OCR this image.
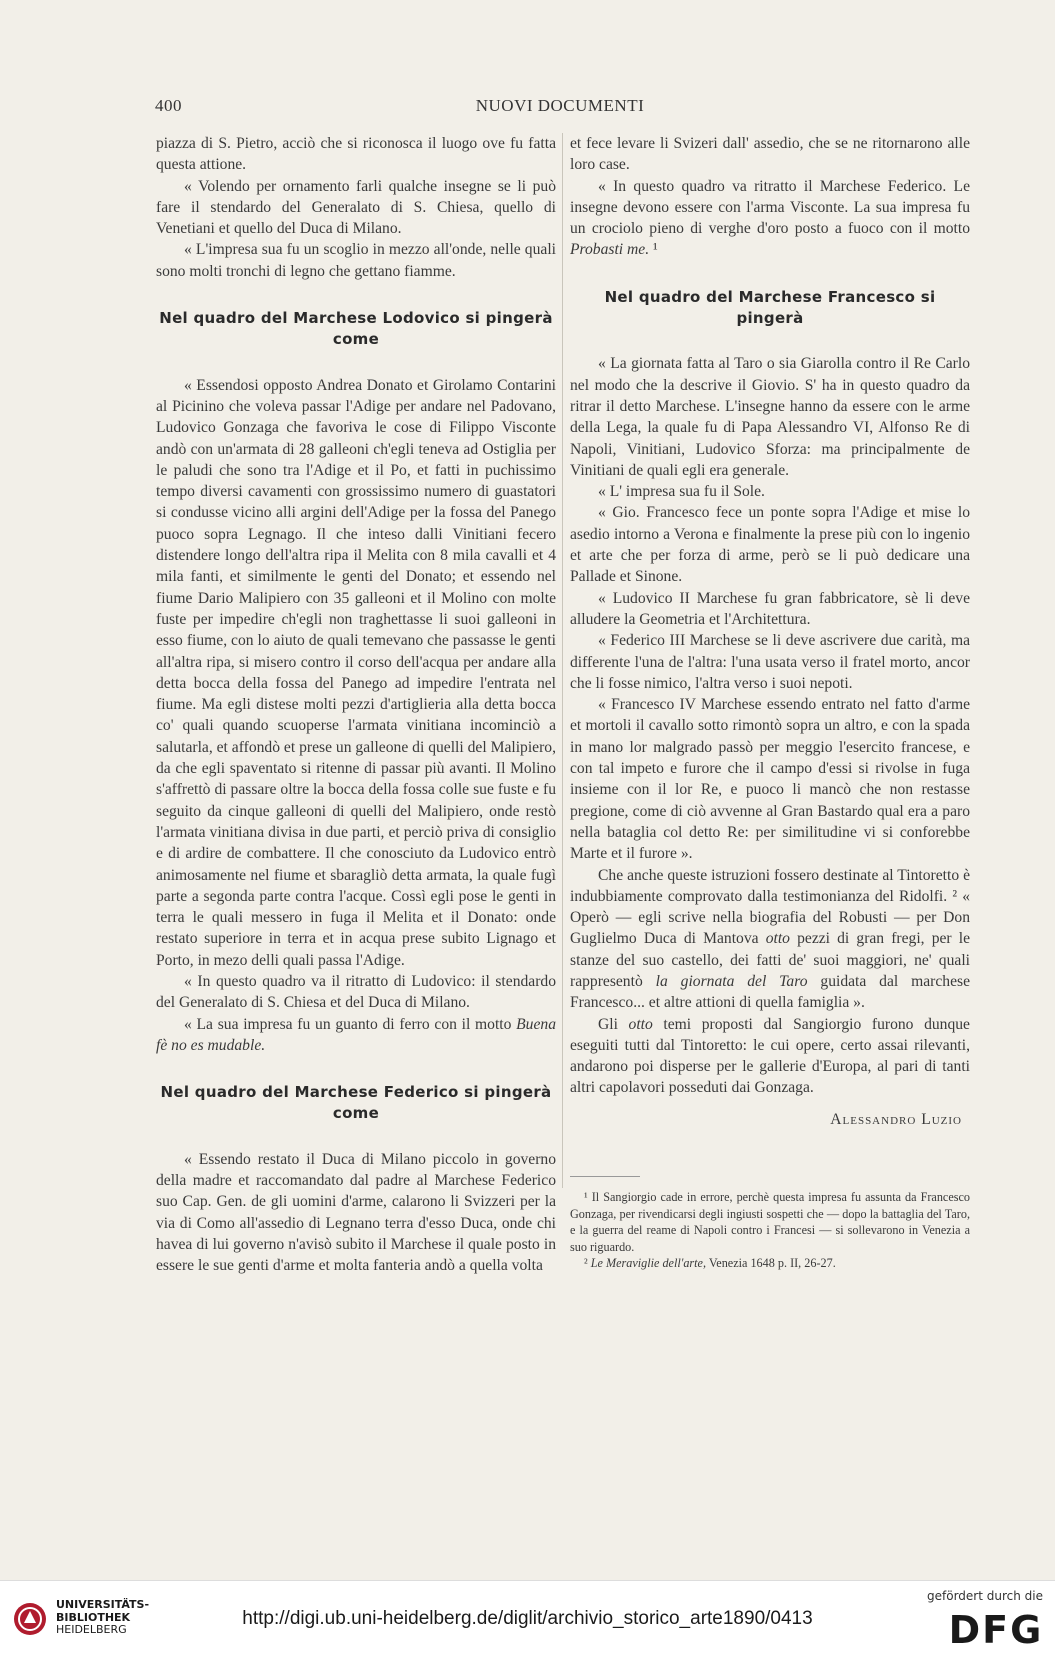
400	NUOVI DOCUMENTI

piazza di S. Pietro, acciò che si riconosca il luogo ove fu fatta questa attione.

« Volendo per ornamento farli qualche insegne se li può fare il stendardo del Generalato di S. Chiesa, quello di Venetiani et quello del Duca di Milano.

« L'impresa sua fu un scoglio in mezzo all'onde, nelle quali sono molti tronchi di legno che gettano fiamme.

Nel quadro del Marchese Lodovico si pingerà come

« Essendosi opposto Andrea Donato et Girolamo Contarini al Picinino che voleva passar l'Adige per andare nel Padovano, Ludovico Gonzaga che favoriva le cose di Filippo Visconte andò con un'armata di 28 galleoni ch'egli teneva ad Ostiglia per le paludi che sono tra l'Adige et il Po, et fatti in puchissimo tempo diversi cavamenti con grossissimo numero di guastatori si condusse vicino alli argini dell'Adige per la fossa del Panego puoco sopra Legnago. Il che inteso dalli Vinitiani fecero distendere longo dell'altra ripa il Melita con 8 mila cavalli et 4 mila fanti, et similmente le genti del Donato; et essendo nel fiume Dario Malipiero con 35 galleoni et il Molino con molte fuste per impedire ch'egli non traghettasse li suoi galleoni in esso fiume, con lo aiuto de quali temevano che passasse le genti all'altra ripa, si misero contro il corso dell'acqua per andare alla detta bocca della fossa del Panego ad impedire l'entrata nel fiume. Ma egli distese molti pezzi d'artiglieria alla detta bocca co' quali quando scuoperse l'armata vinitiana incominciò a salutarla, et affondò et prese un galleone di quelli del Malipiero, da che egli spaventato si ritenne di passar più avanti. Il Molino s'affrettò di passare oltre la bocca della fossa colle sue fuste e fu seguito da cinque galleoni di quelli del Malipiero, onde restò l'armata vinitiana divisa in due parti, et perciò priva di consiglio e di ardire de combattere. Il che conosciuto da Ludovico entrò animosamente nel fiume et sbaragliò detta armata, la quale fugì parte a segonda parte contra l'acque. Cossì egli pose le genti in terra le quali messero in fuga il Melita et il Donato: onde restato superiore in terra et in acqua prese subito Lignago et Porto, in mezo delli quali passa l'Adige.

« In questo quadro va il ritratto di Ludovico: il stendardo del Generalato di S. Chiesa et del Duca di Milano.

« La sua impresa fu un guanto di ferro con il motto Buena fè no es mudable.

Nel quadro del Marchese Federico si pingerà come

« Essendo restato il Duca di Milano piccolo in governo della madre et raccomandato dal padre al Marchese Federico suo Cap. Gen. de gli uomini d'arme, calarono li Svizzeri per la via di Como all'assedio di Legnano terra d'esso Duca, onde chi havea di lui governo n'avisò subito il Marchese il quale posto in essere le sue genti d'arme et molta fanteria andò a quella volta

et fece levare li Svizeri dall' assedio, che se ne ritornarono alle loro case.

« In questo quadro va ritratto il Marchese Federico. Le insegne devono essere con l'arma Visconte. La sua impresa fu un crociolo pieno di verghe d'oro posto a fuoco con il motto Probasti me. ¹

Nel quadro del Marchese Francesco si pingerà

« La giornata fatta al Taro o sia Giarolla contro il Re Carlo nel modo che la descrive il Giovio. S' ha in questo quadro da ritrar il detto Marchese. L'insegne hanno da essere con le arme della Lega, la quale fu di Papa Alessandro VI, Alfonso Re di Napoli, Vinitiani, Ludovico Sforza: ma principalmente de Vinitiani de quali egli era generale.

« L' impresa sua fu il Sole.

« Gio. Francesco fece un ponte sopra l'Adige et mise lo asedio intorno a Verona e finalmente la prese più con lo ingenio et arte che per forza di arme, però se li può dedicare una Pallade et Sinone.

« Ludovico II Marchese fu gran fabbricatore, sè li deve alludere la Geometria et l'Architettura.

« Federico III Marchese se li deve ascrivere due carità, ma differente l'una de l'altra: l'una usata verso il fratel morto, ancor che li fosse nimico, l'altra verso i suoi nepoti.

« Francesco IV Marchese essendo entrato nel fatto d'arme et mortoli il cavallo sotto rimontò sopra un altro, e con la spada in mano lor malgrado passò per meggio l'esercito francese, e con tal impeto e furore che il campo d'essi si rivolse in fuga insieme con il lor Re, e puoco li mancò che non restasse pregione, come di ciò avvenne al Gran Bastardo qual era a paro nella bataglia col detto Re: per similitudine vi si conforebbe Marte et il furore ».

Che anche queste istruzioni fossero destinate al Tintoretto è indubbiamente comprovato dalla testimonianza del Ridolfi. ² « Operò — egli scrive nella biografia del Robusti — per Don Guglielmo Duca di Mantova otto pezzi di gran fregi, per le stanze del suo castello, dei fatti de' suoi maggiori, ne' quali rappresentò la giornata del Taro guidata dal marchese Francesco... et altre attioni di quella famiglia ».

Gli otto temi proposti dal Sangiorgio furono dunque eseguiti tutti dal Tintoretto: le cui opere, certo assai rilevanti, andarono poi disperse per le gallerie d'Europa, al pari di tanti altri capolavori posseduti dai Gonzaga.

Alessandro Luzio

¹ Il Sangiorgio cade in errore, perchè questa impresa fu assunta da Francesco Gonzaga, per rivendicarsi degli ingiusti sospetti che — dopo la battaglia del Taro, e la guerra del reame di Napoli contro i Francesi — si sollevarono in Venezia a suo riguardo.

² Le Meraviglie dell'arte, Venezia 1648 p. II, 26-27.

UNIVERSITÄTS-
BIBLIOTHEK
HEIDELBERG
http://digi.ub.uni-heidelberg.de/diglit/archivio_storico_arte1890/0413
gefördert durch die
DFG
